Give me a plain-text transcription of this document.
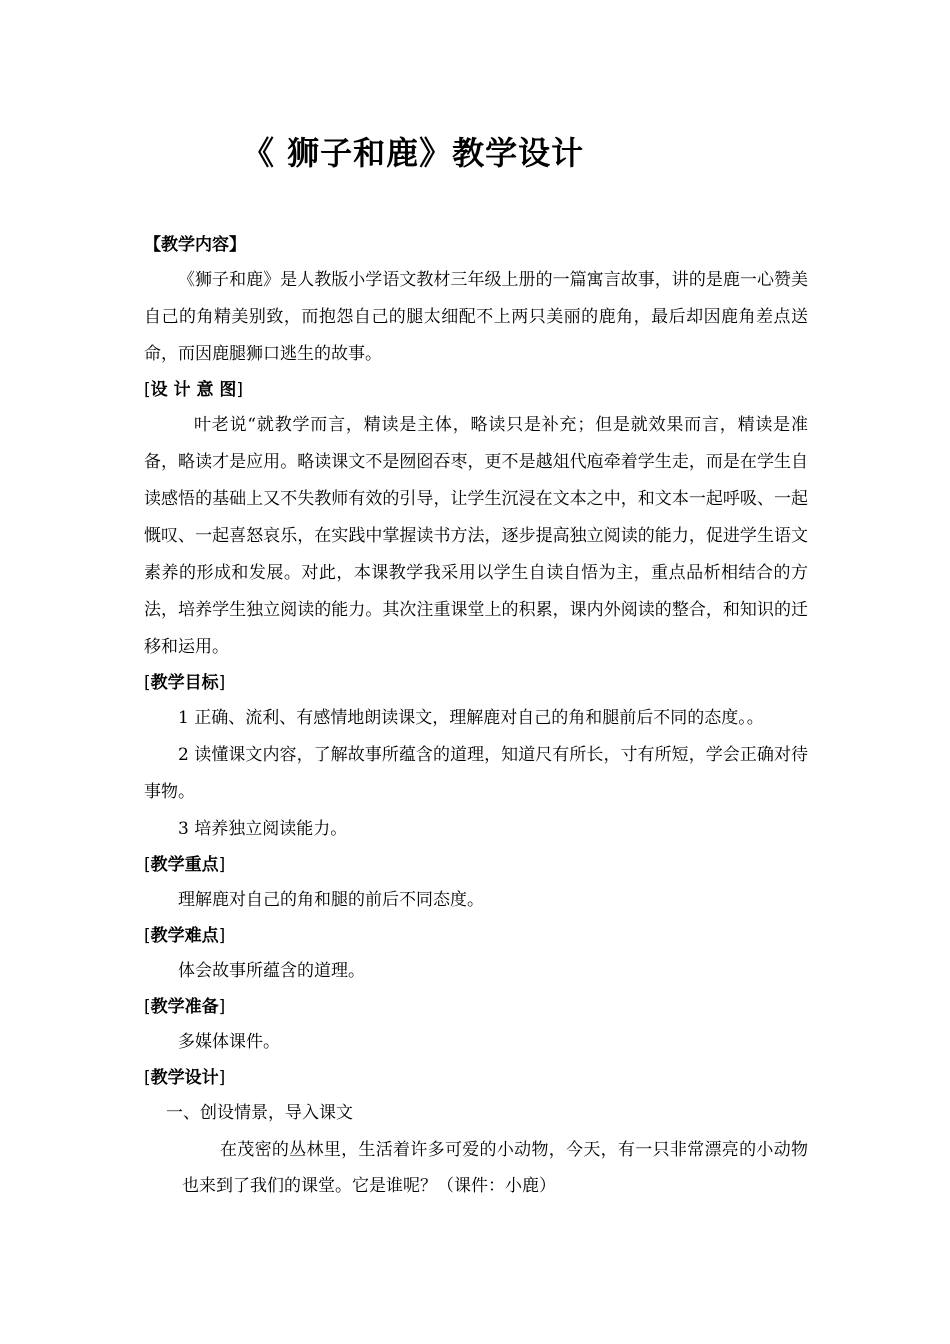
《 狮子和鹿》教学设计

【教学内容】

《狮子和鹿》是人教版小学语文教材三年级上册的一篇寓言故事，讲的是鹿一心赞美自己的角精美别致，而抱怨自己的腿太细配不上两只美丽的鹿角，最后却因鹿角差点送命，而因鹿腿狮口逃生的故事。

[设 计 意 图]

叶老说“就教学而言，精读是主体，略读只是补充；但是就效果而言，精读是准备，略读才是应用。略读课文不是囫囵吞枣，更不是越俎代庖牵着学生走，而是在学生自读感悟的基础上又不失教师有效的引导，让学生沉浸在文本之中，和文本一起呼吸、一起慨叹、一起喜怒哀乐，在实践中掌握读书方法，逐步提高独立阅读的能力，促进学生语文素养的形成和发展。对此，本课教学我采用以学生自读自悟为主，重点品析相结合的方法，培养学生独立阅读的能力。其次注重课堂上的积累，课内外阅读的整合，和知识的迁移和运用。

[教学目标]

1 正确、流利、有感情地朗读课文，理解鹿对自己的角和腿前后不同的态度。。

2 读懂课文内容，了解故事所蕴含的道理，知道尺有所长，寸有所短，学会正确对待事物。

3 培养独立阅读能力。

[教学重点]

理解鹿对自己的角和腿的前后不同态度。

[教学难点]

体会故事所蕴含的道理。

[教学准备]

多媒体课件。

[教学设计]

一、创设情景，导入课文

在茂密的丛林里，生活着许多可爱的小动物，今天，有一只非常漂亮的小动物也来到了我们的课堂。它是谁呢？（课件：小鹿）
